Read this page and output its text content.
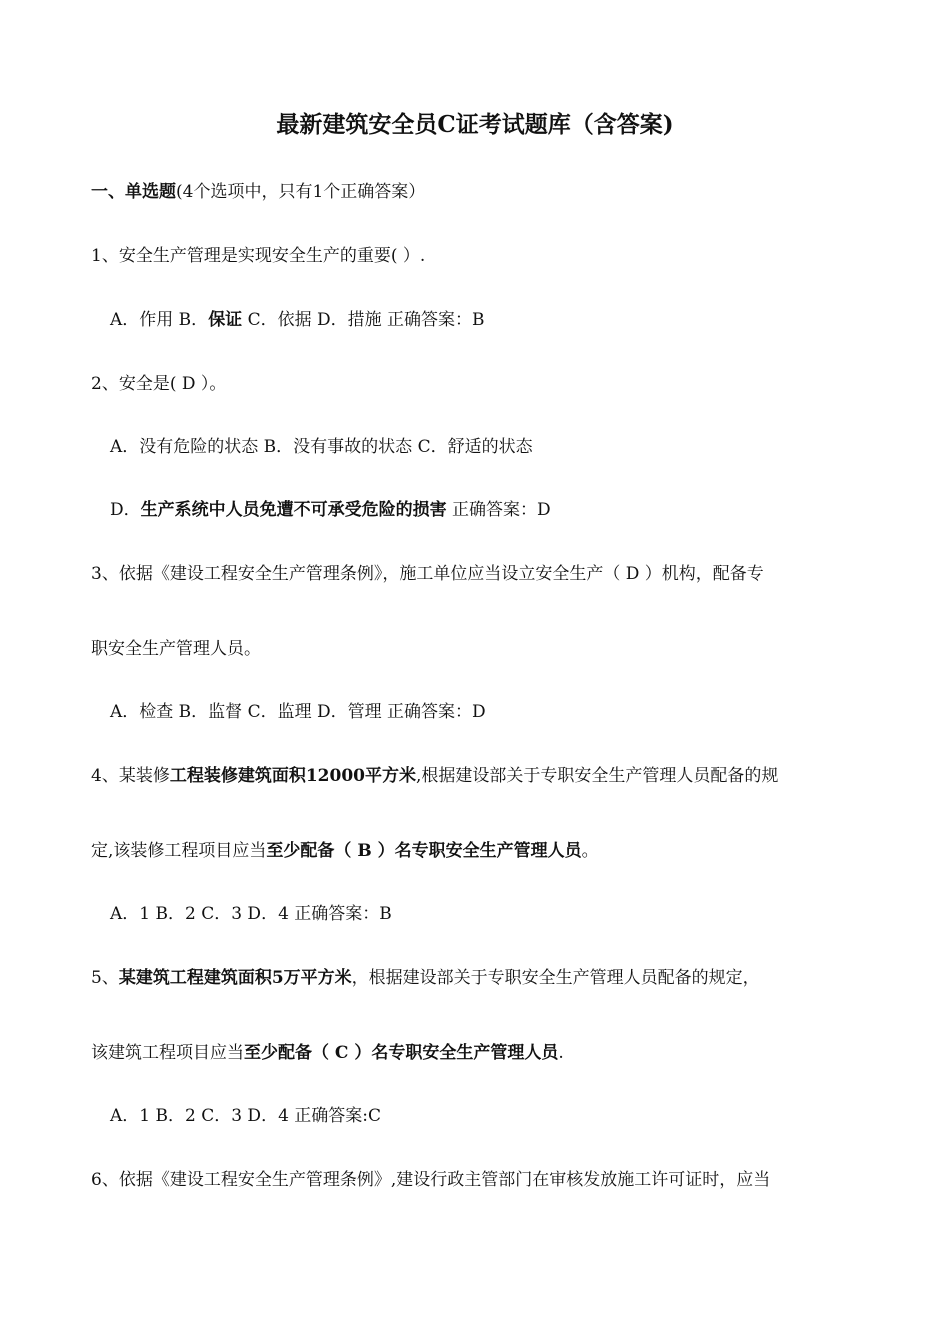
最新建筑安全员C证考试题库（含答案)
一、单选题(4个选项中，只有1个正确答案）
1、安全生产管理是实现安全生产的重要( ）.
A．作用 B．保证 C．依据 D．措施 正确答案：B
2、安全是( D ）。
A．没有危险的状态 B．没有事故的状态 C．舒适的状态
D．生产系统中人员免遭不可承受危险的损害 正确答案：D
3、依据《建设工程安全生产管理条例》，施工单位应当设立安全生产（ D ）机构，配备专
职安全生产管理人员。
A．检查 B．监督 C．监理 D．管理 正确答案：D
4、某装修工程装修建筑面积12000平方米,根据建设部关于专职安全生产管理人员配备的规
定,该装修工程项目应当至少配备（ B ）名专职安全生产管理人员。
A．1 B．2 C．3 D．4 正确答案：B
5、某建筑工程建筑面积5万平方米，根据建设部关于专职安全生产管理人员配备的规定，
该建筑工程项目应当至少配备（ C ）名专职安全生产管理人员.
A．1 B．2 C．3 D．4 正确答案:C
6、依据《建设工程安全生产管理条例》,建设行政主管部门在审核发放施工许可证时，应当
